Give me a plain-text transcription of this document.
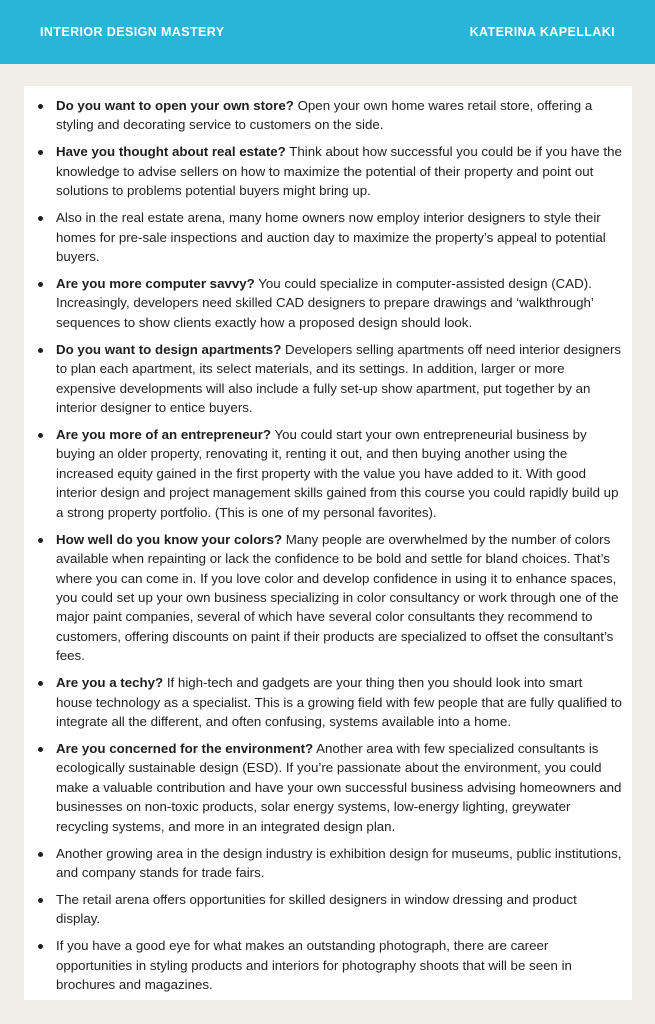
INTERIOR DESIGN MASTERY	KATERINA KAPELLAKI
Do you want to open your own store? Open your own home wares retail store, offering a styling and decorating service to customers on the side.
Have you thought about real estate? Think about how successful you could be if you have the knowledge to advise sellers on how to maximize the potential of their property and point out solutions to problems potential buyers might bring up.
Also in the real estate arena, many home owners now employ interior designers to style their homes for pre-sale inspections and auction day to maximize the property’s appeal to potential buyers.
Are you more computer savvy? You could specialize in computer-assisted design (CAD). Increasingly, developers need skilled CAD designers to prepare drawings and ‘walkthrough’ sequences to show clients exactly how a proposed design should look.
Do you want to design apartments? Developers selling apartments off need interior designers to plan each apartment, its select materials, and its settings. In addition, larger or more expensive developments will also include a fully set-up show apartment, put together by an interior designer to entice buyers.
Are you more of an entrepreneur? You could start your own entrepreneurial business by buying an older property, renovating it, renting it out, and then buying another using the increased equity gained in the first property with the value you have added to it. With good interior design and project management skills gained from this course you could rapidly build up a strong property portfolio. (This is one of my personal favorites).
How well do you know your colors? Many people are overwhelmed by the number of colors available when repainting or lack the confidence to be bold and settle for bland choices. That’s where you can come in. If you love color and develop confidence in using it to enhance spaces, you could set up your own business specializing in color consultancy or work through one of the major paint companies, several of which have several color consultants they recommend to customers, offering discounts on paint if their products are specialized to offset the consultant’s fees.
Are you a techy? If high-tech and gadgets are your thing then you should look into smart house technology as a specialist. This is a growing field with few people that are fully qualified to integrate all the different, and often confusing, systems available into a home.
Are you concerned for the environment? Another area with few specialized consultants is ecologically sustainable design (ESD). If you’re passionate about the environment, you could make a valuable contribution and have your own successful business advising homeowners and businesses on non-toxic products, solar energy systems, low-energy lighting, greywater recycling systems, and more in an integrated design plan.
Another growing area in the design industry is exhibition design for museums, public institutions, and company stands for trade fairs.
The retail arena offers opportunities for skilled designers in window dressing and product display.
If you have a good eye for what makes an outstanding photograph, there are career opportunities in styling products and interiors for photography shoots that will be seen in brochures and magazines.
